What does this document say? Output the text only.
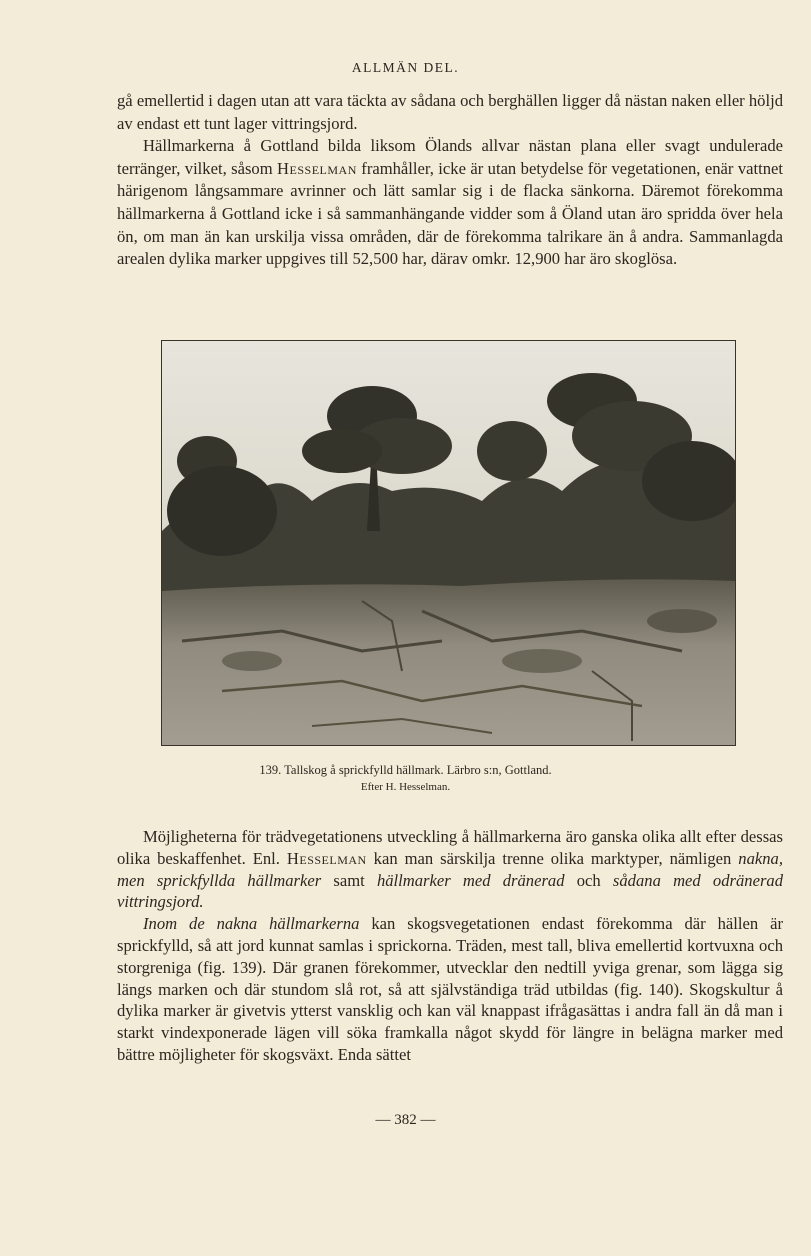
ALLMÄN DEL.

gå emellertid i dagen utan att vara täckta av sådana och berghällen ligger då nästan naken eller höljd av endast ett tunt lager vittringsjord.

Hällmarkerna å Gottland bilda liksom Ölands allvar nästan plana eller svagt undulerade terränger, vilket, såsom Hesselman framhåller, icke är utan betydelse för vegetationen, enär vattnet härigenom långsammare avrinner och lätt samlar sig i de flacka sänkorna. Däremot förekomma hällmarkerna å Gottland icke i så sammanhängande vidder som å Öland utan äro spridda över hela ön, om man än kan urskilja vissa områden, där de förekomma talrikare än å andra. Sammanlagda arealen dylika marker uppgives till 52,500 har, därav omkr. 12,900 har äro skoglösa.

139. Tallskog å sprickfylld hällmark. Lärbro s:n, Gottland.
Efter H. Hesselman.

Möjligheterna för trädvegetationens utveckling å hällmarkerna äro ganska olika allt efter dessas olika beskaffenhet. Enl. Hesselman kan man särskilja trenne olika marktyper, nämligen nakna, men sprickfyllda hällmarker samt hällmarker med dränerad och sådana med odränerad vittringsjord.

Inom de nakna hällmarkerna kan skogsvegetationen endast förekomma där hällen är sprickfylld, så att jord kunnat samlas i sprickorna. Träden, mest tall, bliva emellertid kortvuxna och storgreniga (fig. 139). Där granen förekommer, utvecklar den nedtill yviga grenar, som lägga sig längs marken och där stundom slå rot, så att självständiga träd utbildas (fig. 140). Skogskultur å dylika marker är givetvis ytterst vansklig och kan väl knappast ifrågasättas i andra fall än då man i starkt vindexponerade lägen vill söka framkalla något skydd för längre in belägna marker med bättre möjligheter för skogsväxt. Enda sättet

— 382 —
